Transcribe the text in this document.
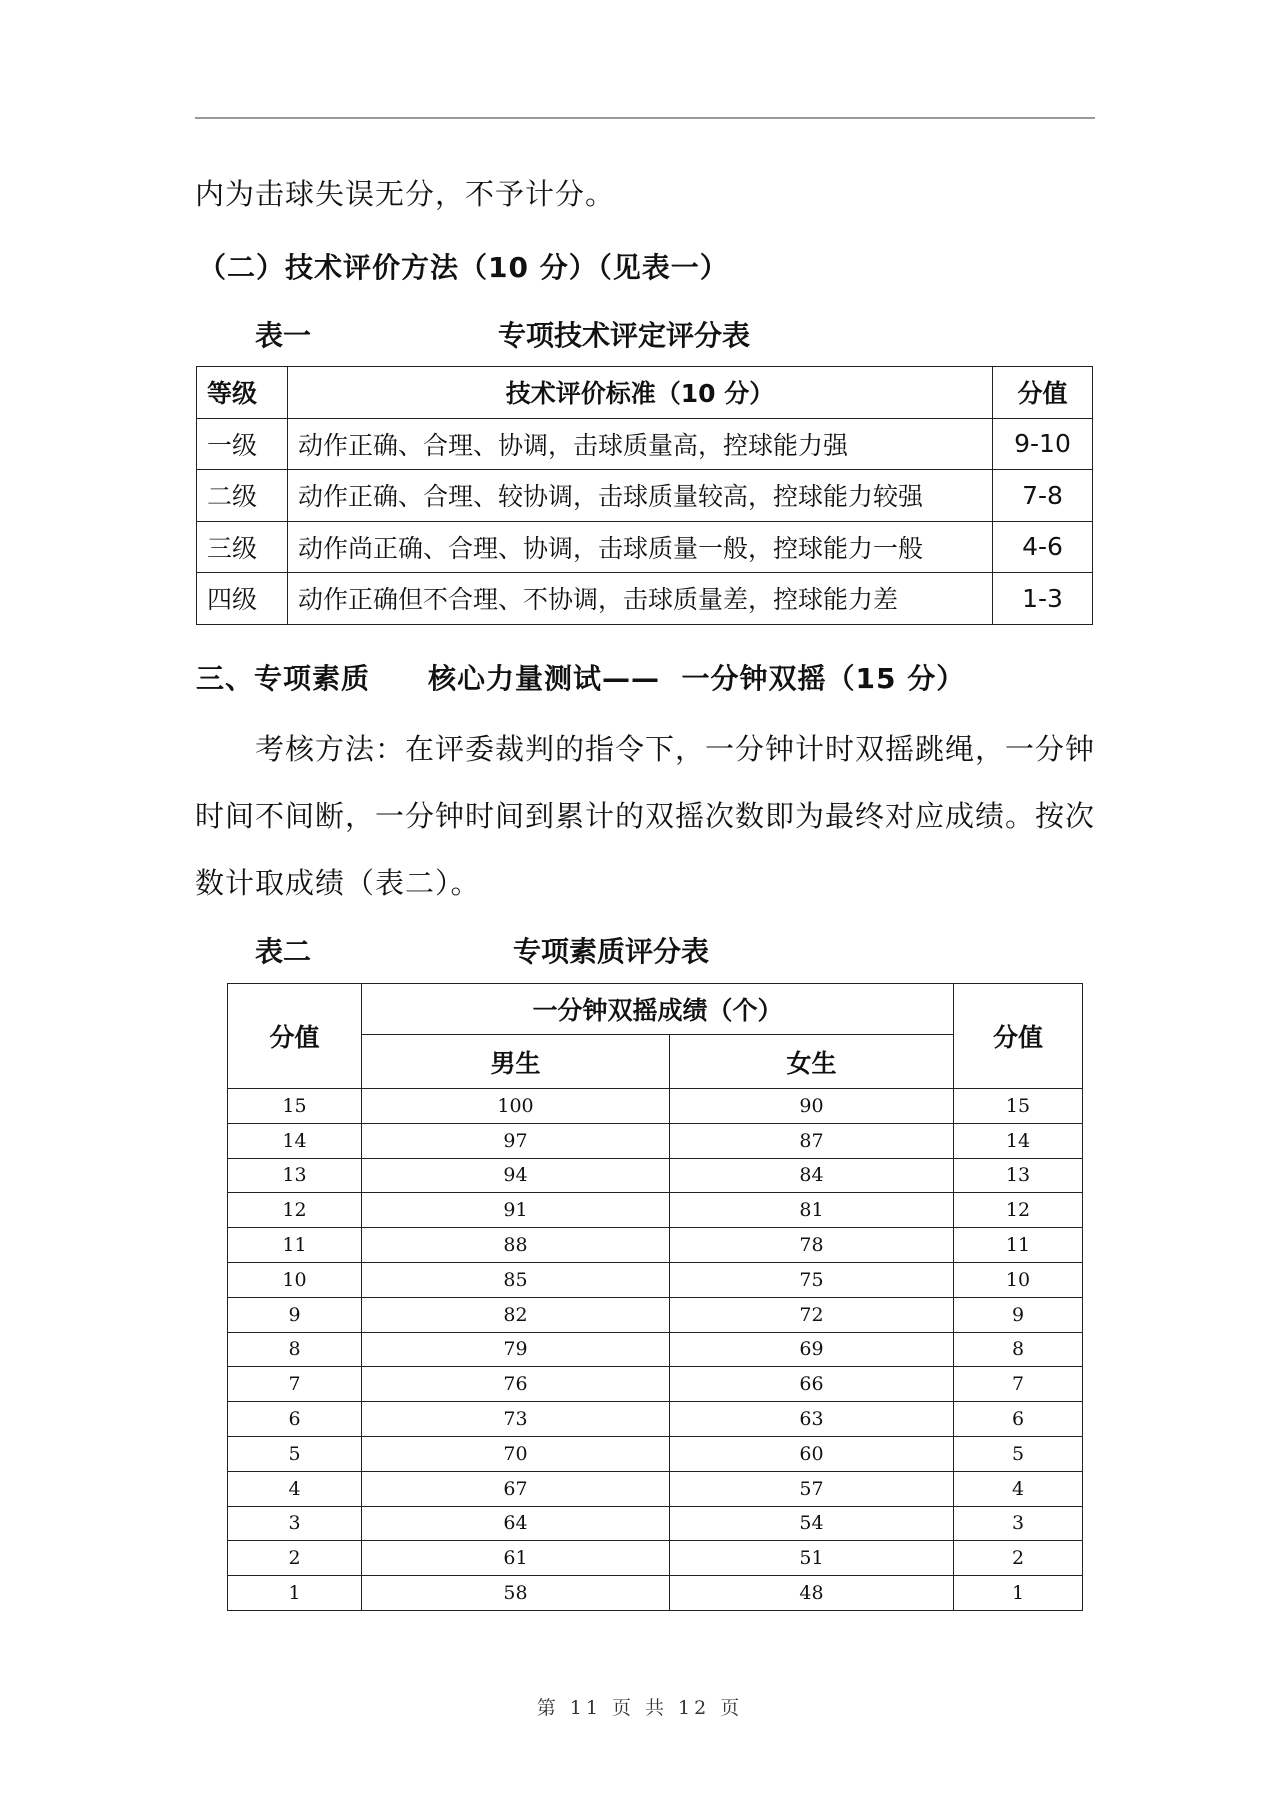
内为击球失误无分，不予计分。
（二）技术评价方法（10 分）（见表一）
表一	专项技术评定评分表
等级	技术评价标准（10 分）	分值
一级	动作正确、合理、协调，击球质量高，控球能力强	9-10
二级	动作正确、合理、较协调，击球质量较高，控球能力较强	7-8
三级	动作尚正确、合理、协调，击球质量一般，控球能力一般	4-6
四级	动作正确但不合理、不协调，击球质量差，控球能力差	1-3
三、专项素质　　核心力量测试——  一分钟双摇（15 分）
考核方法：在评委裁判的指令下，一分钟计时双摇跳绳，一分钟
时间不间断，一分钟时间到累计的双摇次数即为最终对应成绩。按次
数计取成绩（表二）。
表二	专项素质评分表
分值	一分钟双摇成绩（个）		分值
	男生	女生	
15	100	90	15
14	97	87	14
13	94	84	13
12	91	81	12
11	88	78	11
10	85	75	10
9	82	72	9
8	79	69	8
7	76	66	7
6	73	63	6
5	70	60	5
4	67	57	4
3	64	54	3
2	61	51	2
1	58	48	1
第 11 页 共 12 页
